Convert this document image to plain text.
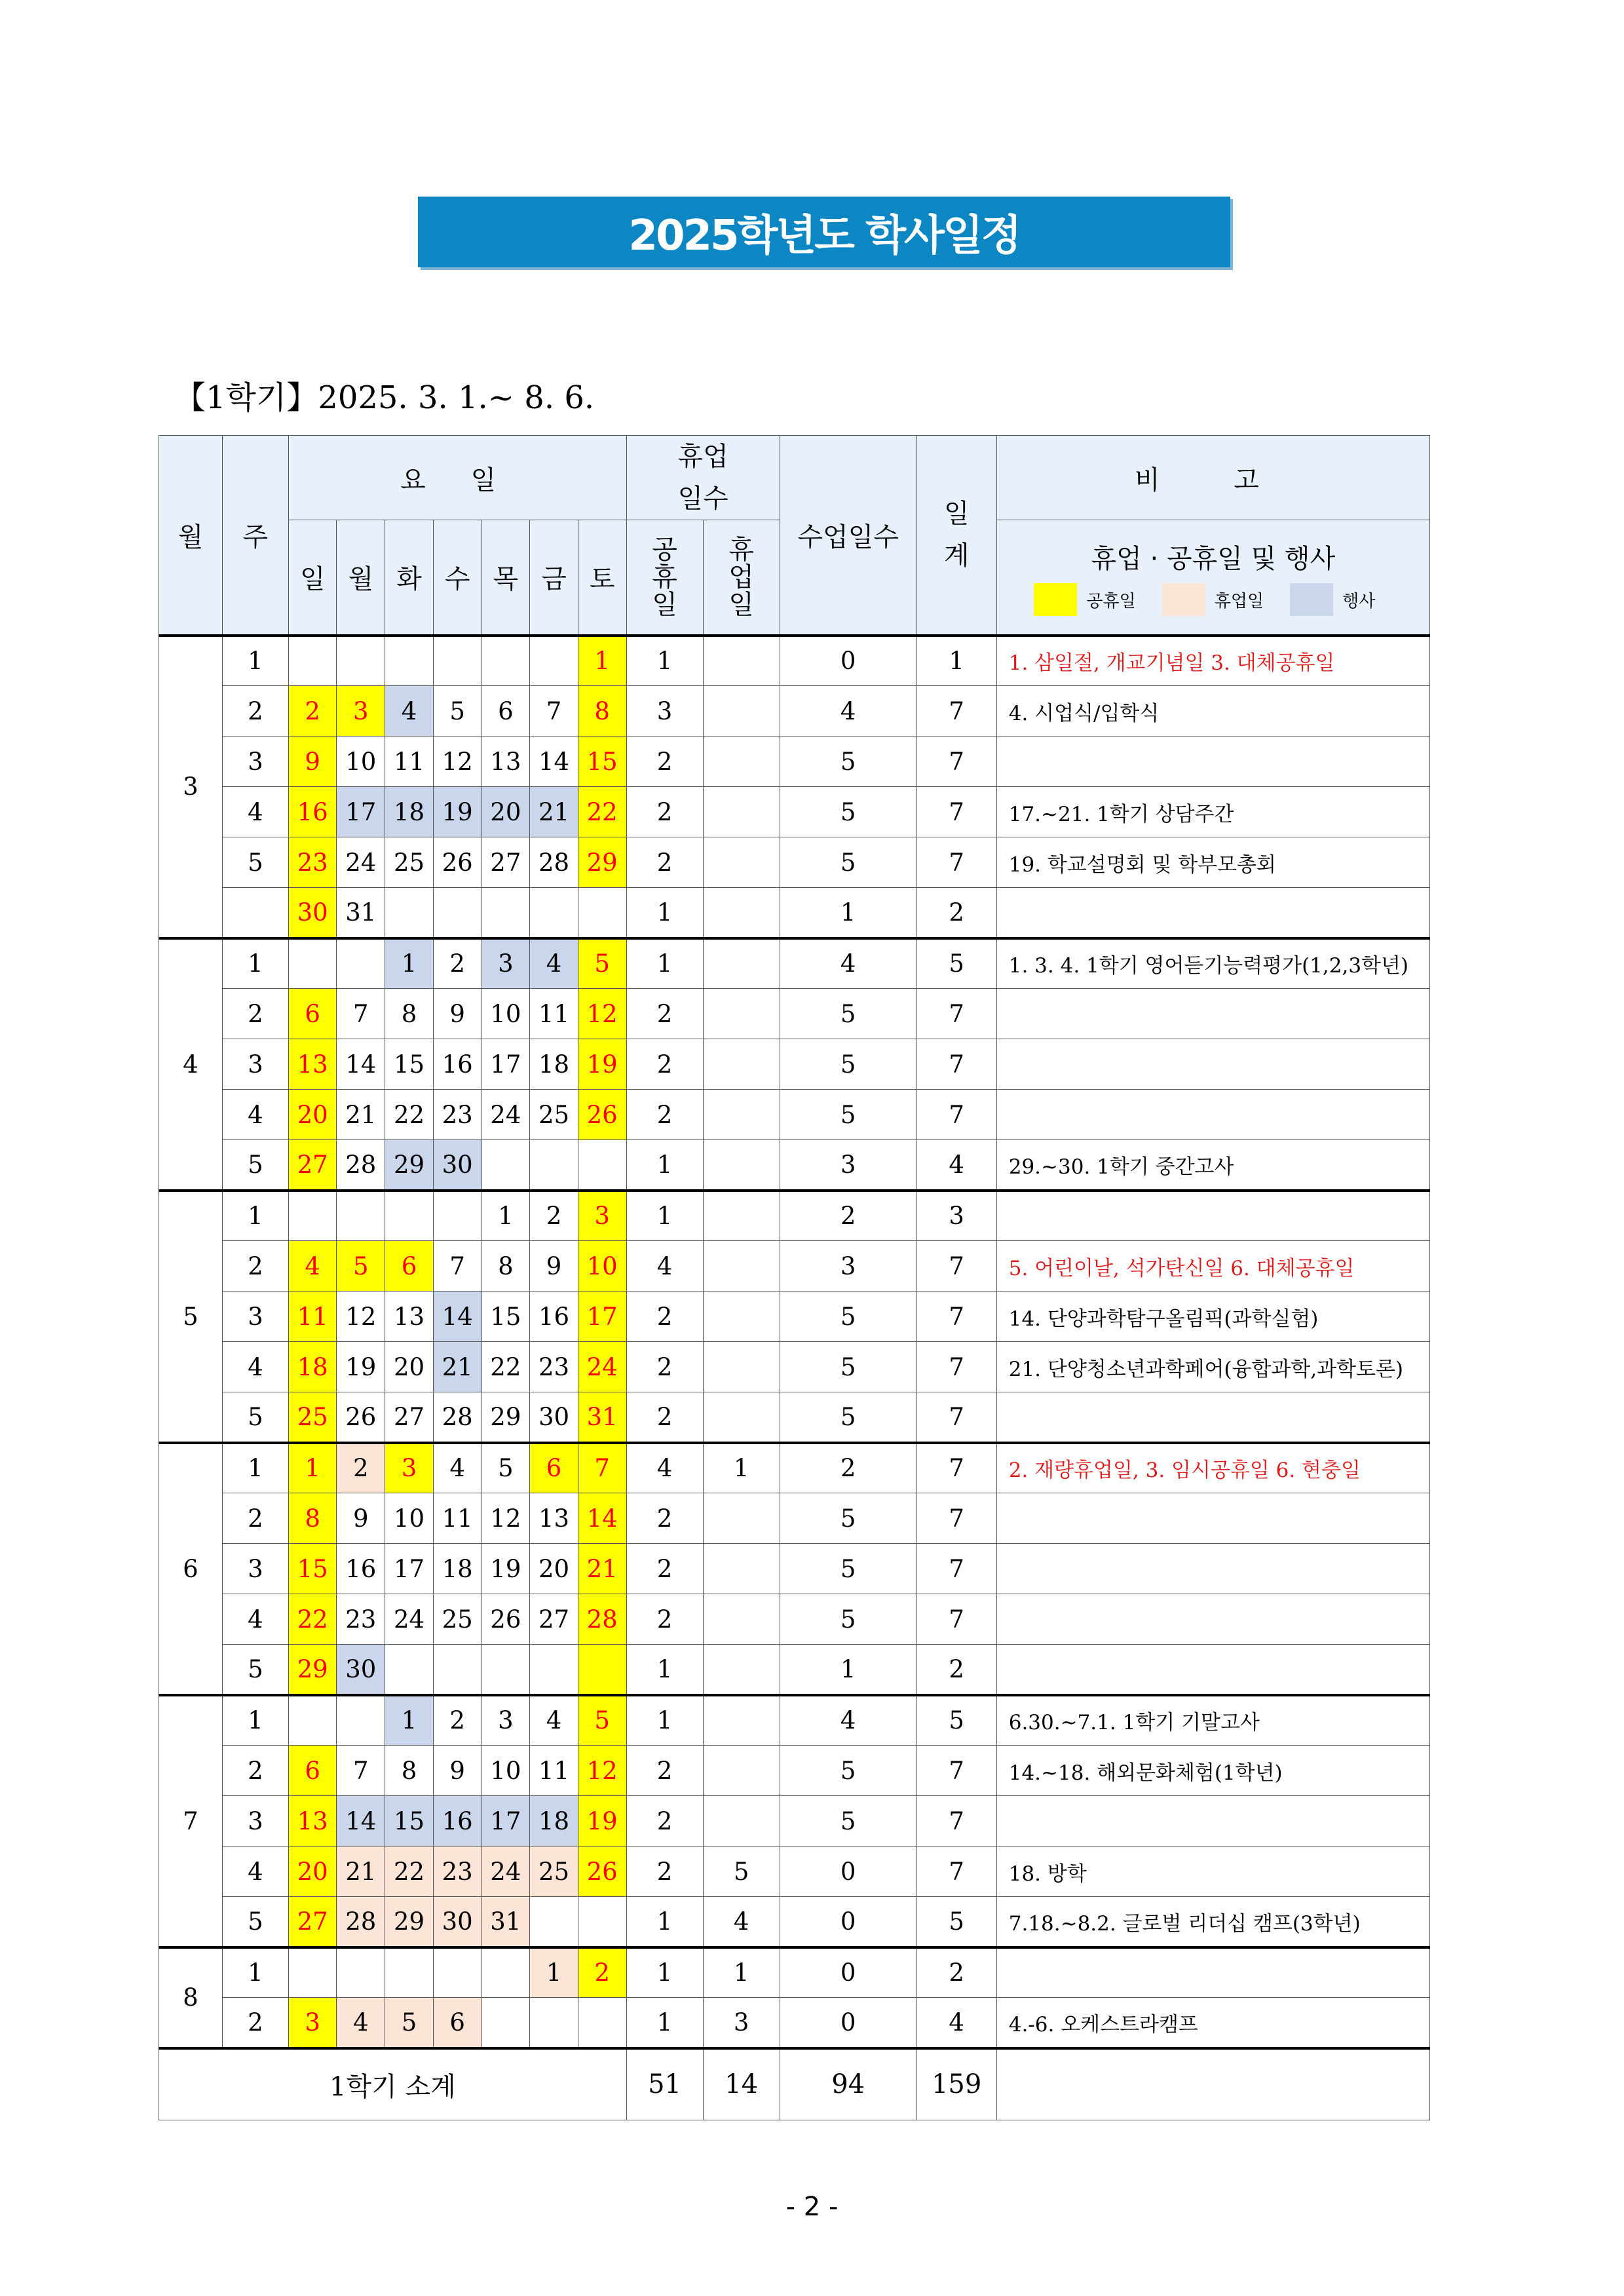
2025학년도 학사일정
【1학기】2025. 3. 1.~ 8. 6.
월	주	요 일							휴업일수		수업일수	일계	비 고
		일	월	화	수	목	금	토	공휴일	휴업일			휴업 · 공휴일 및 행사
공휴일 휴업일 행사

3	1							1	1		0	1	1. 삼일절, 개교기념일 3. 대체공휴일
	2	2	3	4	5	6	7	8	3		4	7	4. 시업식/입학식
	3	9	10	11	12	13	14	15	2		5	7	
	4	16	17	18	19	20	21	22	2		5	7	17.~21. 1학기 상담주간
	5	23	24	25	26	27	28	29	2		5	7	19. 학교설명회 및 학부모총회
		30	31						1		1	2	
4	1			1	2	3	4	5	1		4	5	1. 3. 4. 1학기 영어듣기능력평가(1,2,3학년)
	2	6	7	8	9	10	11	12	2		5	7	
	3	13	14	15	16	17	18	19	2		5	7	
	4	20	21	22	23	24	25	26	2		5	7	
	5	27	28	29	30				1		3	4	29.~30. 1학기 중간고사
5	1					1	2	3	1		2	3	
	2	4	5	6	7	8	9	10	4		3	7	5. 어린이날, 석가탄신일 6. 대체공휴일
	3	11	12	13	14	15	16	17	2		5	7	14. 단양과학탐구올림픽(과학실험)
	4	18	19	20	21	22	23	24	2		5	7	21. 단양청소년과학페어(융합과학,과학토론)
	5	25	26	27	28	29	30	31	2		5	7	
6	1	1	2	3	4	5	6	7	4	1	2	7	2. 재량휴업일, 3. 임시공휴일 6. 현충일
	2	8	9	10	11	12	13	14	2		5	7	
	3	15	16	17	18	19	20	21	2		5	7	
	4	22	23	24	25	26	27	28	2		5	7	
	5	29	30						1		1	2	
7	1			1	2	3	4	5	1		4	5	6.30.~7.1. 1학기 기말고사
	2	6	7	8	9	10	11	12	2		5	7	14.~18. 해외문화체험(1학년)
	3	13	14	15	16	17	18	19	2		5	7	
	4	20	21	22	23	24	25	26	2	5	0	7	18. 방학
	5	27	28	29	30	31			1	4	0	5	7.18.~8.2. 글로벌 리더십 캠프(3학년)
8	1						1	2	1	1	0	2	
	2	3	4	5	6				1	3	0	4	4.-6. 오케스트라캠프
1학기 소계									51	14	94	159	
- 2 -
